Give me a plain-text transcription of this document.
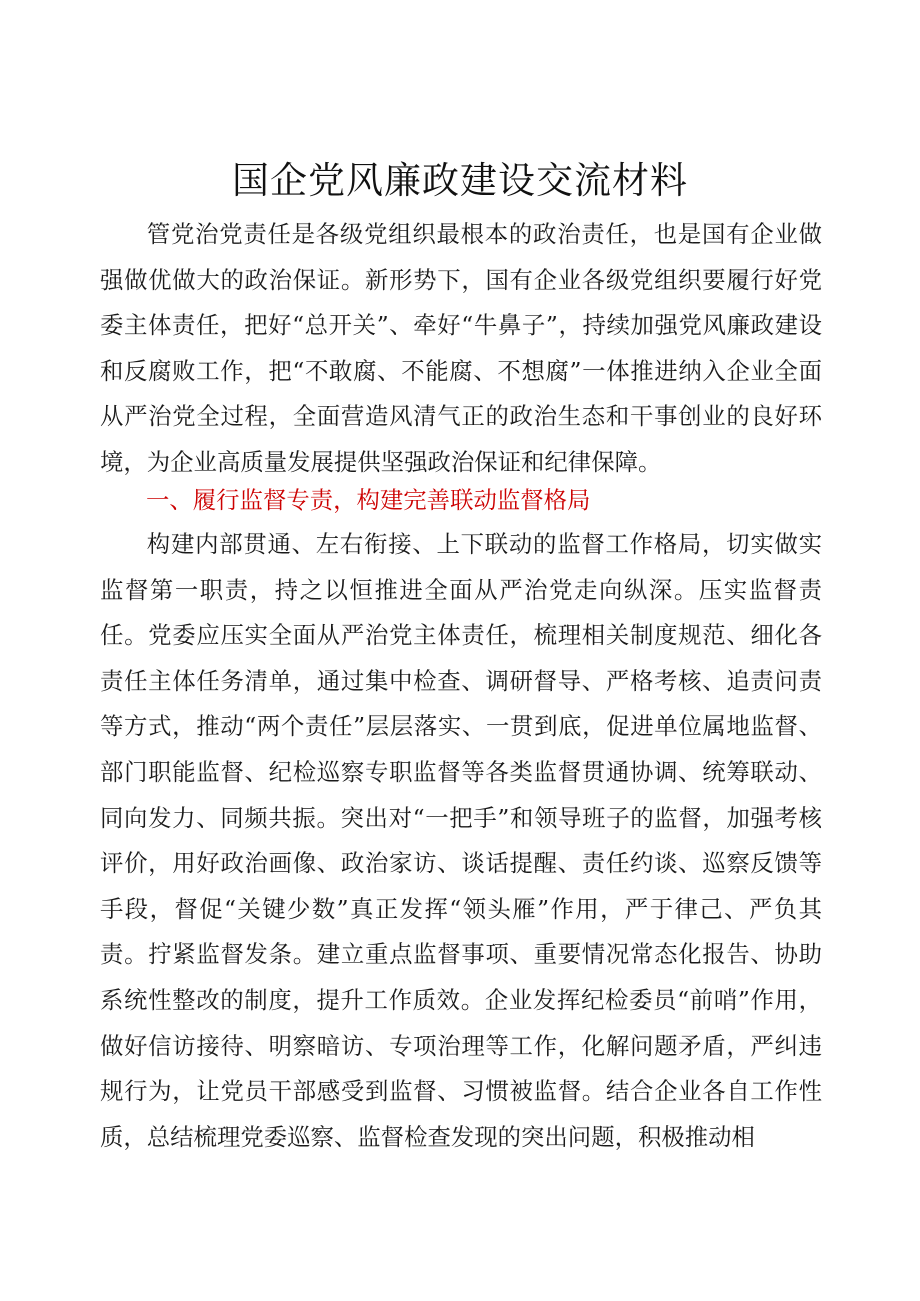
国企党风廉政建设交流材料

管党治党责任是各级党组织最根本的政治责任，也是国有企业做强做优做大的政治保证。新形势下，国有企业各级党组织要履行好党委主体责任，把好“总开关”、牵好“牛鼻子”，持续加强党风廉政建设和反腐败工作，把“不敢腐、不能腐、不想腐”一体推进纳入企业全面从严治党全过程，全面营造风清气正的政治生态和干事创业的良好环境，为企业高质量发展提供坚强政治保证和纪律保障。

一、履行监督专责，构建完善联动监督格局

构建内部贯通、左右衔接、上下联动的监督工作格局，切实做实监督第一职责，持之以恒推进全面从严治党走向纵深。压实监督责任。党委应压实全面从严治党主体责任，梳理相关制度规范、细化各责任主体任务清单，通过集中检查、调研督导、严格考核、追责问责等方式，推动“两个责任”层层落实、一贯到底，促进单位属地监督、部门职能监督、纪检巡察专职监督等各类监督贯通协调、统筹联动、同向发力、同频共振。突出对“一把手”和领导班子的监督，加强考核评价，用好政治画像、政治家访、谈话提醒、责任约谈、巡察反馈等手段，督促“关键少数”真正发挥“领头雁”作用，严于律己、严负其责。拧紧监督发条。建立重点监督事项、重要情况常态化报告、协助系统性整改的制度，提升工作质效。企业发挥纪检委员“前哨”作用，做好信访接待、明察暗访、专项治理等工作，化解问题矛盾，严纠违规行为，让党员干部感受到监督、习惯被监督。结合企业各自工作性质，总结梳理党委巡察、监督检查发现的突出问题，积极推动相
